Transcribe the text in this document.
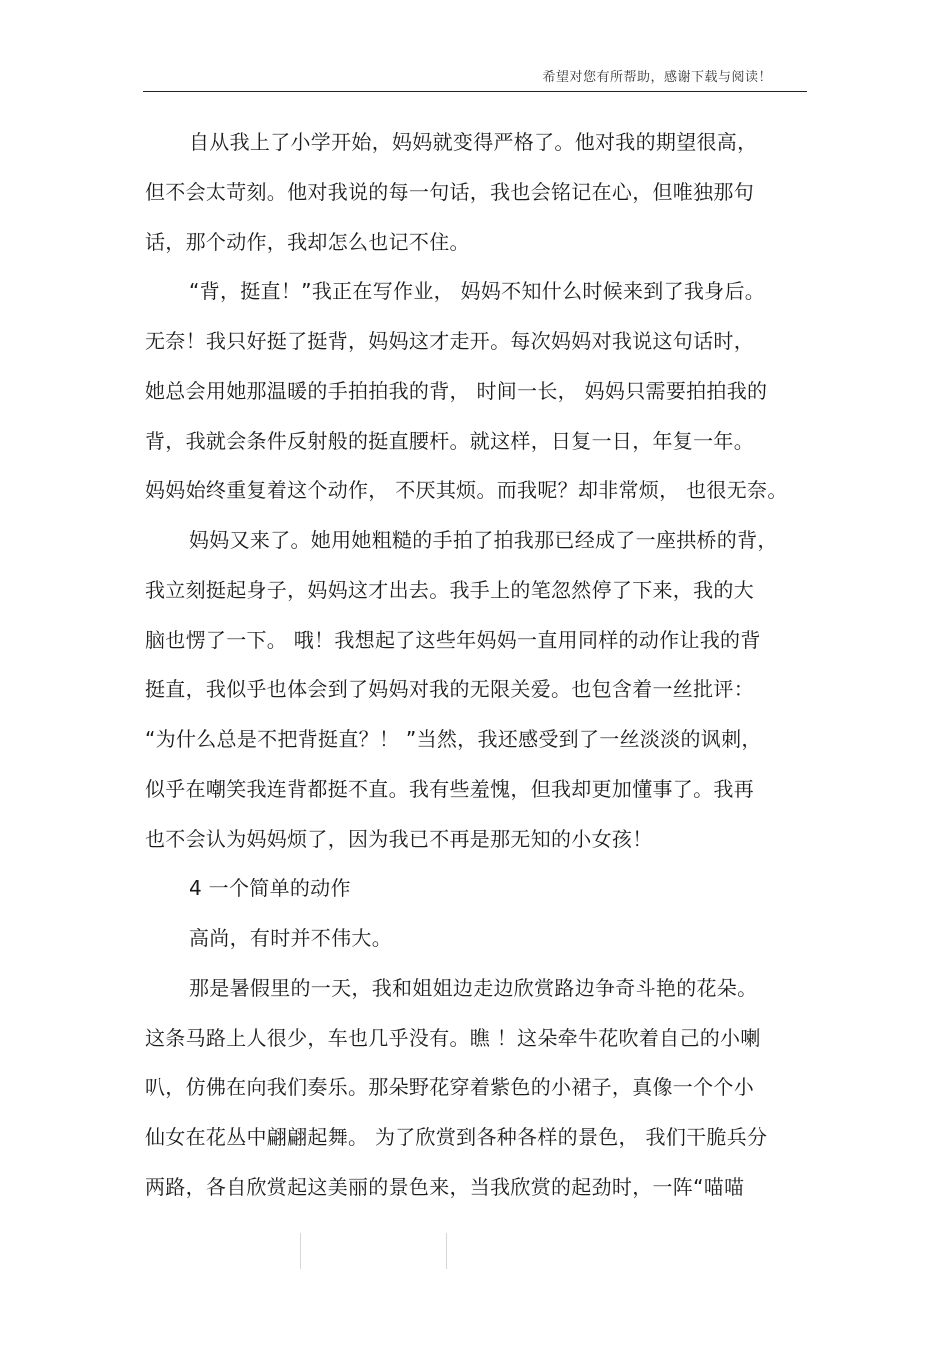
希望对您有所帮助，感谢下载与阅读！
自从我上了小学开始，妈妈就变得严格了。他对我的期望很高，
但不会太苛刻。他对我说的每一句话，我也会铭记在心，但唯独那句
话，那个动作，我却怎么也记不住。
“背，挺直！”我正在写作业， 妈妈不知什么时候来到了我身后。
无奈！我只好挺了挺背，妈妈这才走开。每次妈妈对我说这句话时，
她总会用她那温暖的手拍拍我的背， 时间一长， 妈妈只需要拍拍我的
背，我就会条件反射般的挺直腰杆。就这样，日复一日，年复一年。
妈妈始终重复着这个动作， 不厌其烦。而我呢？却非常烦， 也很无奈。
妈妈又来了。她用她粗糙的手拍了拍我那已经成了一座拱桥的背，
我立刻挺起身子，妈妈这才出去。我手上的笔忽然停了下来，我的大
脑也愣了一下。 哦！我想起了这些年妈妈一直用同样的动作让我的背
挺直，我似乎也体会到了妈妈对我的无限关爱。也包含着一丝批评：
“为什么总是不把背挺直？！ ”当然，我还感受到了一丝淡淡的讽刺，
似乎在嘲笑我连背都挺不直。我有些羞愧，但我却更加懂事了。我再
也不会认为妈妈烦了，因为我已不再是那无知的小女孩！
4 一个简单的动作
高尚，有时并不伟大。
那是暑假里的一天，我和姐姐边走边欣赏路边争奇斗艳的花朵。
这条马路上人很少，车也几乎没有。瞧 ！这朵牵牛花吹着自己的小喇
叭，仿佛在向我们奏乐。那朵野花穿着紫色的小裙子，真像一个个小
仙女在花丛中翩翩起舞。 为了欣赏到各种各样的景色， 我们干脆兵分
两路，各自欣赏起这美丽的景色来，当我欣赏的起劲时，一阵“喵喵
